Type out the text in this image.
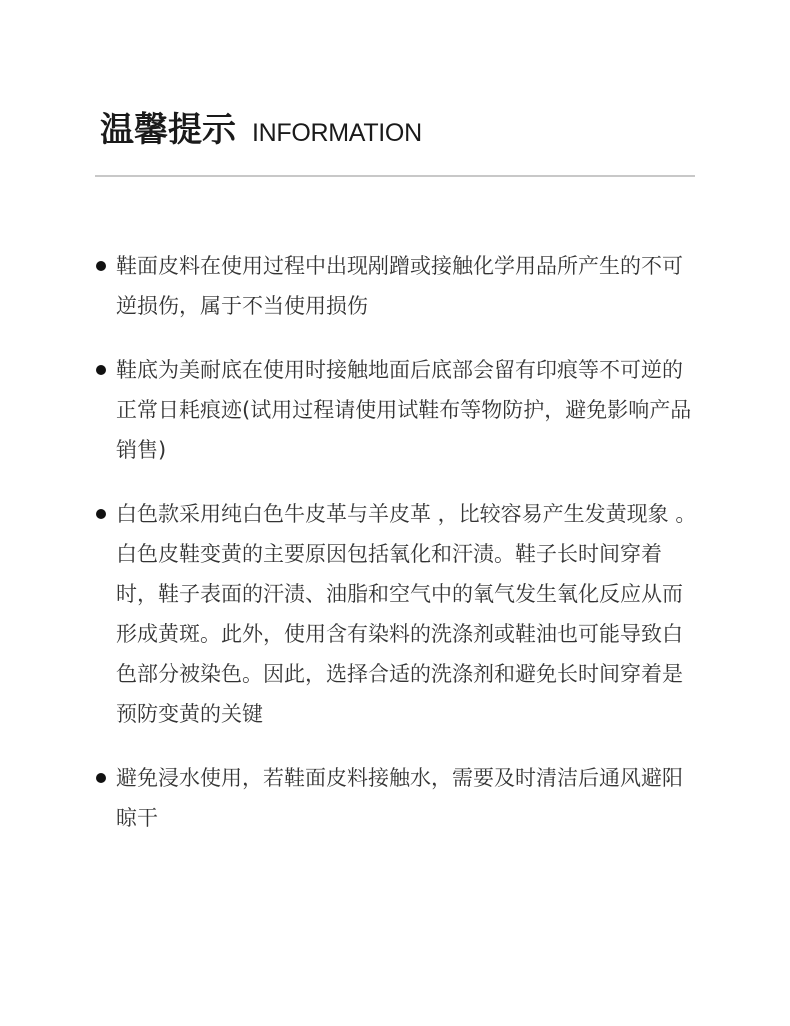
温馨提示 INFORMATION
鞋面皮料在使用过程中出现剐蹭或接触化学用品所产生的不可逆损伤，属于不当使用损伤
鞋底为美耐底在使用时接触地面后底部会留有印痕等不可逆的正常日耗痕迹(试用过程请使用试鞋布等物防护，避免影响产品销售)
白色款采用纯白色牛皮革与羊皮革 ，比较容易产生发黄现象 。白色皮鞋变黄的主要原因包括氧化和汗渍。鞋子长时间穿着时，鞋子表面的汗渍、油脂和空气中的氧气发生氧化反应从而形成黄斑。此外，使用含有染料的洗涤剂或鞋油也可能导致白色部分被染色。因此，选择合适的洗涤剂和避免长时间穿着是预防变黄的关键
避免浸水使用，若鞋面皮料接触水，需要及时清洁后通风避阳晾干
